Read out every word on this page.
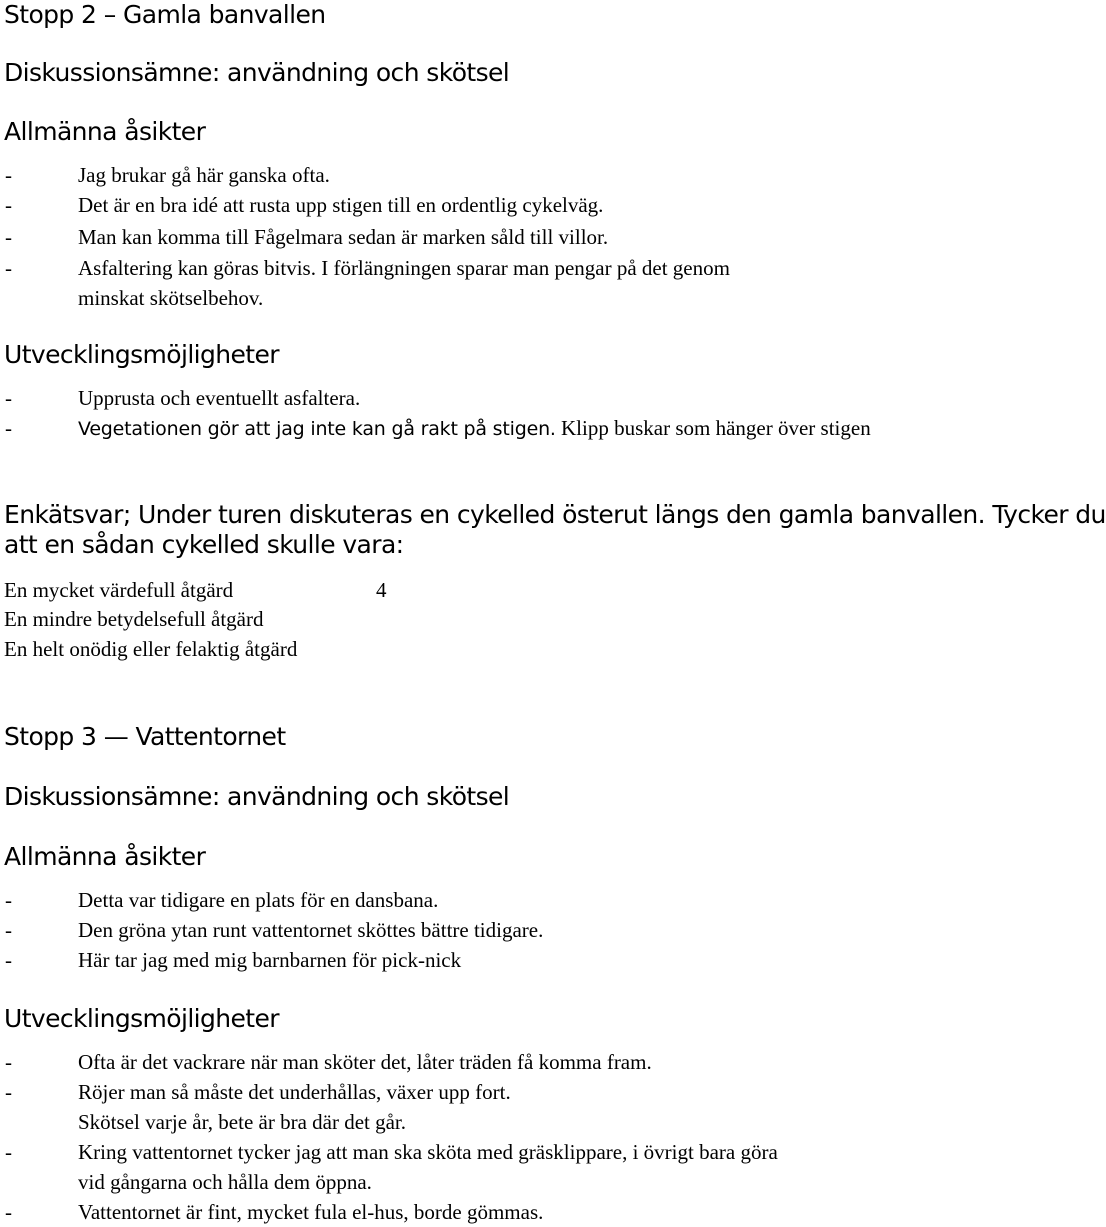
Stopp 2 – Gamla banvallen
Diskussionsämne: användning och skötsel
Allmänna åsikter
-	Jag brukar gå här ganska ofta.
-	Det är en bra idé att rusta upp stigen till en ordentlig cykelväg.
-	Man kan komma till Fågelmara sedan är marken såld till villor.
-	Asfaltering kan göras bitvis. I förlängningen sparar man pengar på det genom
minskat skötselbehov.
Utvecklingsmöjligheter
-	Upprusta och eventuellt asfaltera.
-	Vegetationen gör att jag inte kan gå rakt på stigen. Klipp buskar som hänger över stigen
Enkätsvar; Under turen diskuteras en cykelled österut längs den gamla banvallen. Tycker du
att en sådan cykelled skulle vara:
En mycket värdefull åtgärd	4
En mindre betydelsefull åtgärd
En helt onödig eller felaktig åtgärd
Stopp 3 — Vattentornet
Diskussionsämne: användning och skötsel
Allmänna åsikter
-	Detta var tidigare en plats för en dansbana.
-	Den gröna ytan runt vattentornet sköttes bättre tidigare.
-	Här tar jag med mig barnbarnen för pick-nick
Utvecklingsmöjligheter
-	Ofta är det vackrare när man sköter det, låter träden få komma fram.
-	Röjer man så måste det underhållas, växer upp fort.
Skötsel varje år, bete är bra där det går.
-	Kring vattentornet tycker jag att man ska sköta med gräsklippare, i övrigt bara göra
vid gångarna och hålla dem öppna.
-	Vattentornet är fint, mycket fula el-hus, borde gömmas.
